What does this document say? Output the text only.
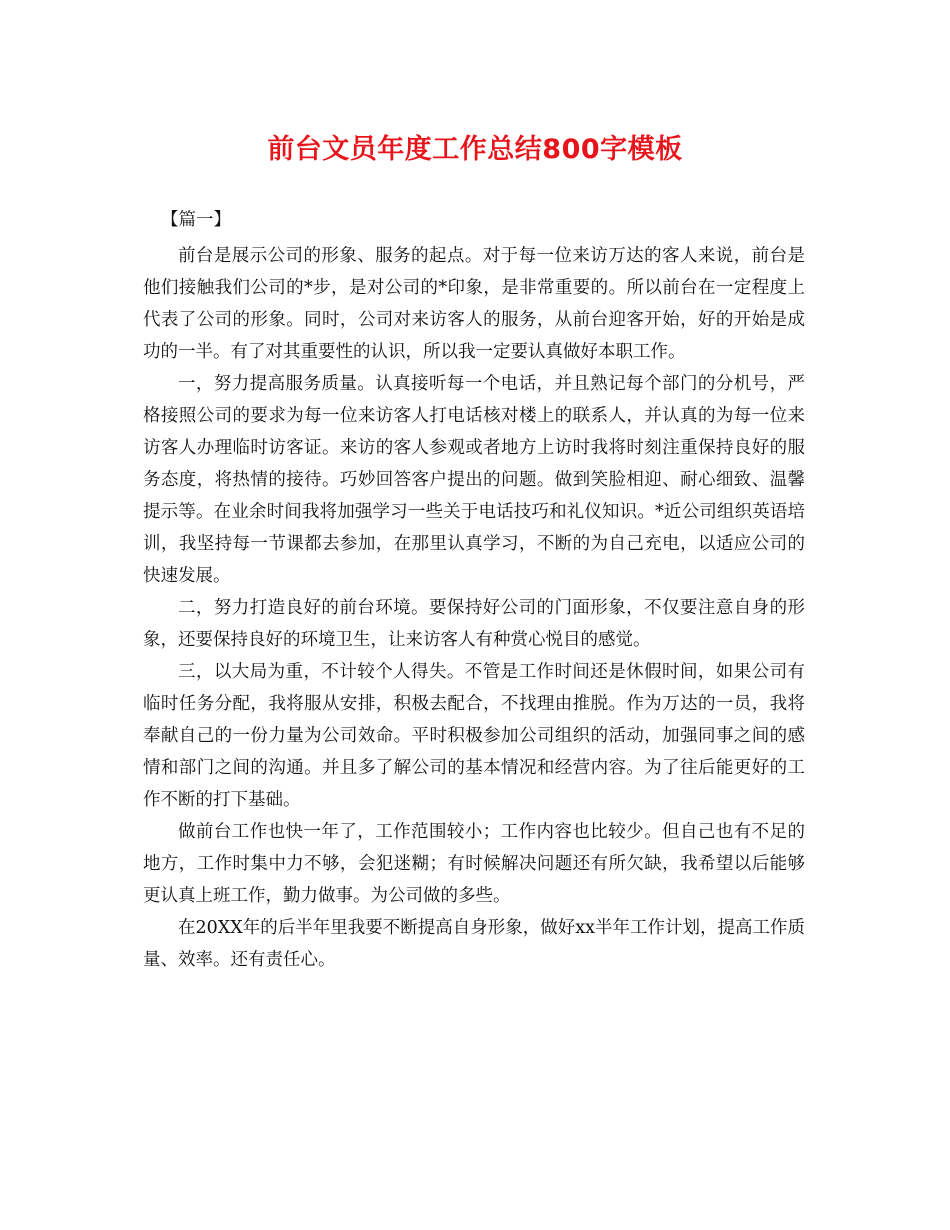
前台文员年度工作总结800字模板

【篇一】

前台是展示公司的形象、服务的起点。对于每一位来访万达的客人来说，前台是他们接触我们公司的*步，是对公司的*印象，是非常重要的。所以前台在一定程度上代表了公司的形象。同时，公司对来访客人的服务，从前台迎客开始，好的开始是成功的一半。有了对其重要性的认识，所以我一定要认真做好本职工作。

一，努力提高服务质量。认真接听每一个电话，并且熟记每个部门的分机号，严格接照公司的要求为每一位来访客人打电话核对楼上的联系人，并认真的为每一位来访客人办理临时访客证。来访的客人参观或者地方上访时我将时刻注重保持良好的服务态度，将热情的接待。巧妙回答客户提出的问题。做到笑脸相迎、耐心细致、温馨提示等。在业余时间我将加强学习一些关于电话技巧和礼仪知识。*近公司组织英语培训，我坚持每一节课都去参加，在那里认真学习，不断的为自己充电，以适应公司的快速发展。

二，努力打造良好的前台环境。要保持好公司的门面形象，不仅要注意自身的形象，还要保持良好的环境卫生，让来访客人有种赏心悦目的感觉。

三，以大局为重，不计较个人得失。不管是工作时间还是休假时间，如果公司有临时任务分配，我将服从安排，积极去配合，不找理由推脱。作为万达的一员，我将奉献自己的一份力量为公司效命。平时积极参加公司组织的活动，加强同事之间的感情和部门之间的沟通。并且多了解公司的基本情况和经营内容。为了往后能更好的工作不断的打下基础。

做前台工作也快一年了，工作范围较小；工作内容也比较少。但自己也有不足的地方，工作时集中力不够，会犯迷糊；有时候解决问题还有所欠缺，我希望以后能够更认真上班工作，勤力做事。为公司做的多些。

在20XX年的后半年里我要不断提高自身形象，做好xx半年工作计划，提高工作质量、效率。还有责任心。
